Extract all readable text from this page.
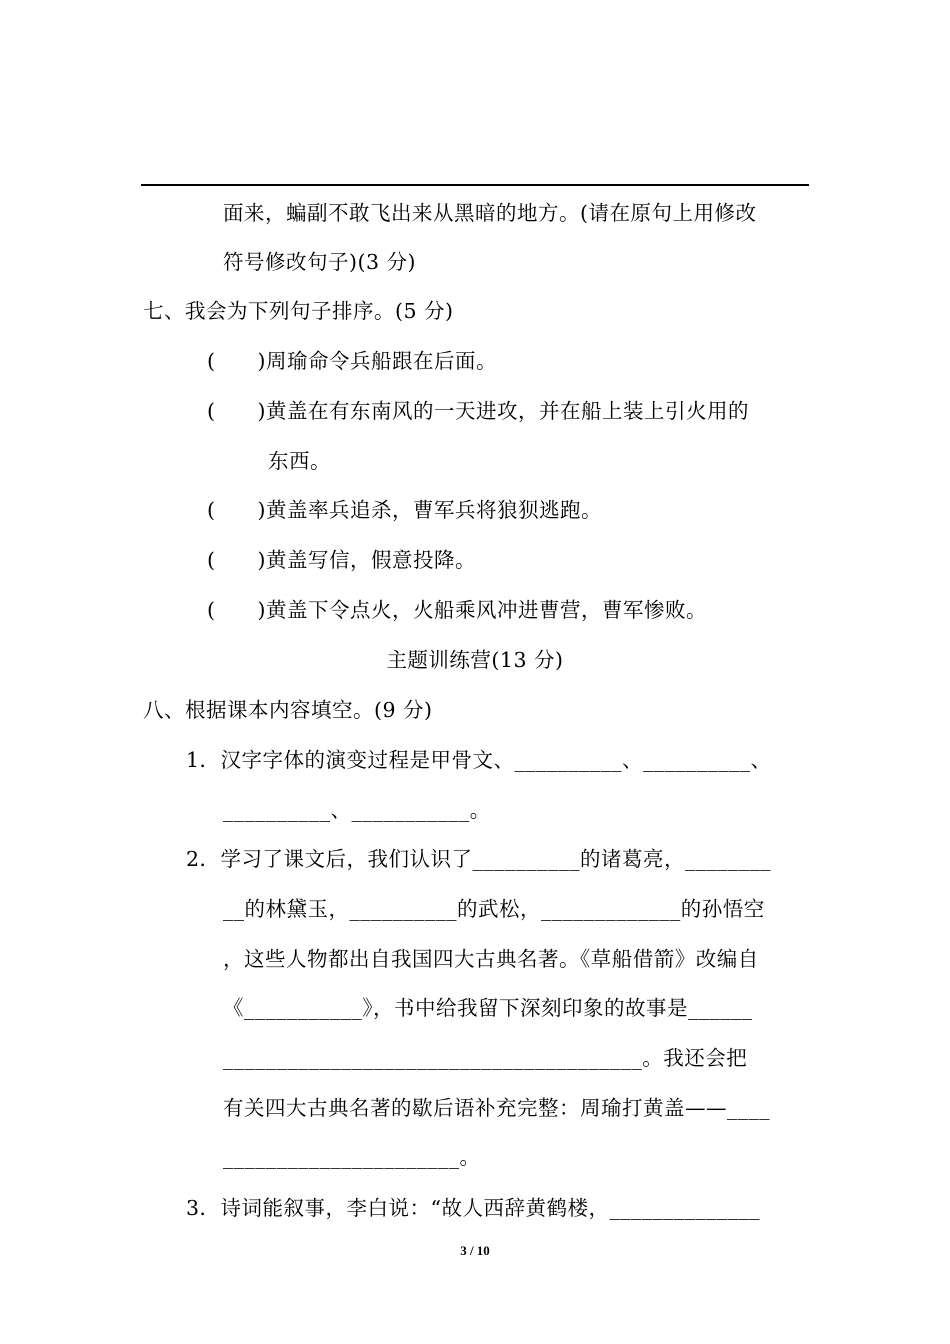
面来，蝙副不敢飞出来从黑暗的地方。(请在原句上用修改
符号修改句子)(3 分)
七、我会为下列句子排序。(5 分)
(　　)周瑜命令兵船跟在后面。
(　　)黄盖在有东南风的一天进攻，并在船上装上引火用的
东西。
(　　)黄盖率兵追杀，曹军兵将狼狈逃跑。
(　　)黄盖写信，假意投降。
(　　)黄盖下令点火，火船乘风冲进曹营，曹军惨败。
主题训练营(13 分)
八、根据课本内容填空。(9 分)
1．汉字字体的演变过程是甲骨文、__________、__________、
__________、___________。
2．学习了课文后，我们认识了__________的诸葛亮，________
__的林黛玉，__________的武松，_____________的孙悟空
，这些人物都出自我国四大古典名著。《草船借箭》改编自
《___________》，书中给我留下深刻印象的故事是______
_______________________________________。我还会把
有关四大古典名著的歇后语补充完整：周瑜打黄盖——____
______________________。
3．诗词能叙事，李白说：“故人西辞黄鹤楼，______________
3 / 10
